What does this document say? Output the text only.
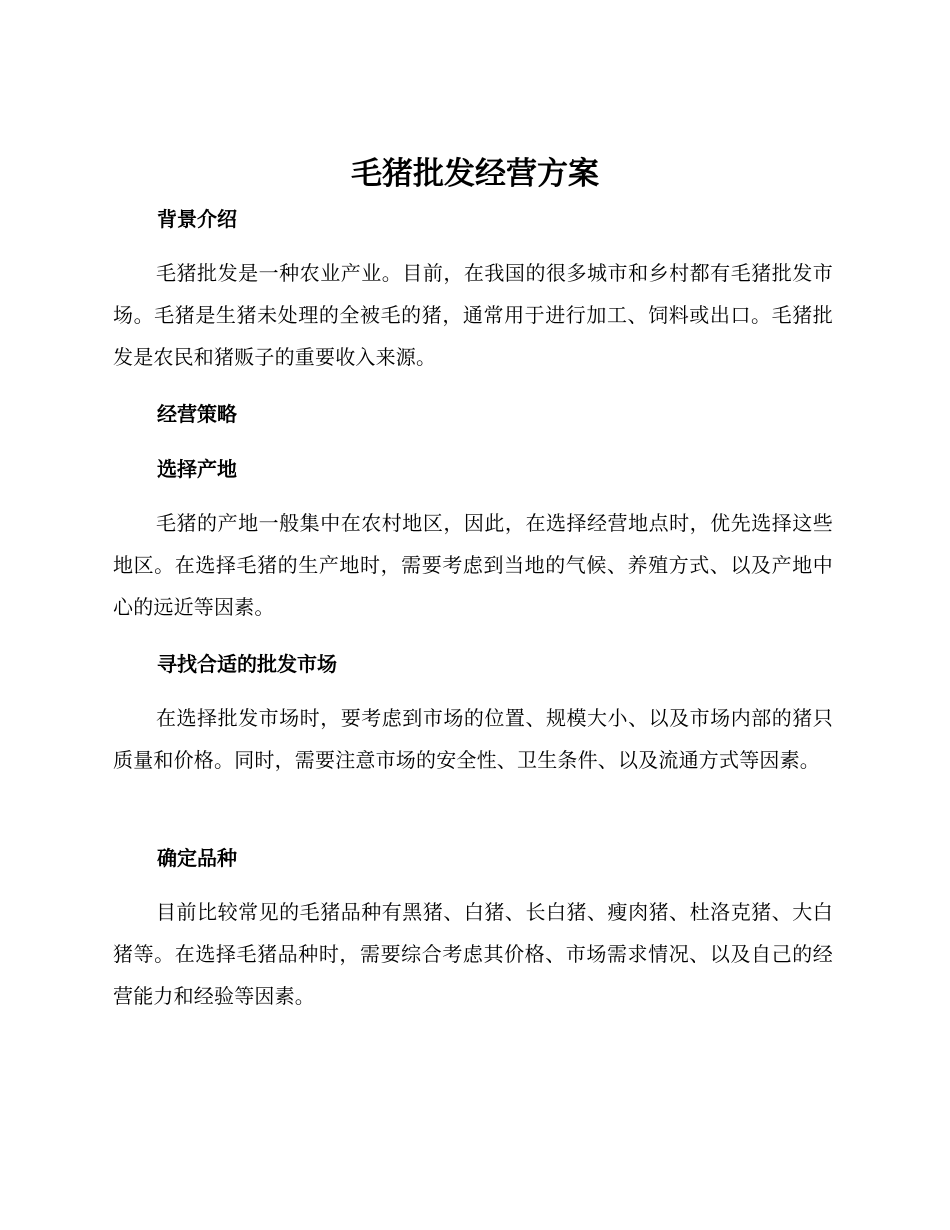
毛猪批发经营方案
背景介绍

毛猪批发是一种农业产业。目前，在我国的很多城市和乡村都有毛猪批发市场。毛猪是生猪未处理的全被毛的猪，通常用于进行加工、饲料或出口。毛猪批发是农民和猪贩子的重要收入来源。

经营策略
选择产地

毛猪的产地一般集中在农村地区，因此，在选择经营地点时，优先选择这些地区。在选择毛猪的生产地时，需要考虑到当地的气候、养殖方式、以及产地中心的远近等因素。

寻找合适的批发市场

在选择批发市场时，要考虑到市场的位置、规模大小、以及市场内部的猪只质量和价格。同时，需要注意市场的安全性、卫生条件、以及流通方式等因素。

确定品种

目前比较常见的毛猪品种有黑猪、白猪、长白猪、瘦肉猪、杜洛克猪、大白猪等。在选择毛猪品种时，需要综合考虑其价格、市场需求情况、以及自己的经营能力和经验等因素。
